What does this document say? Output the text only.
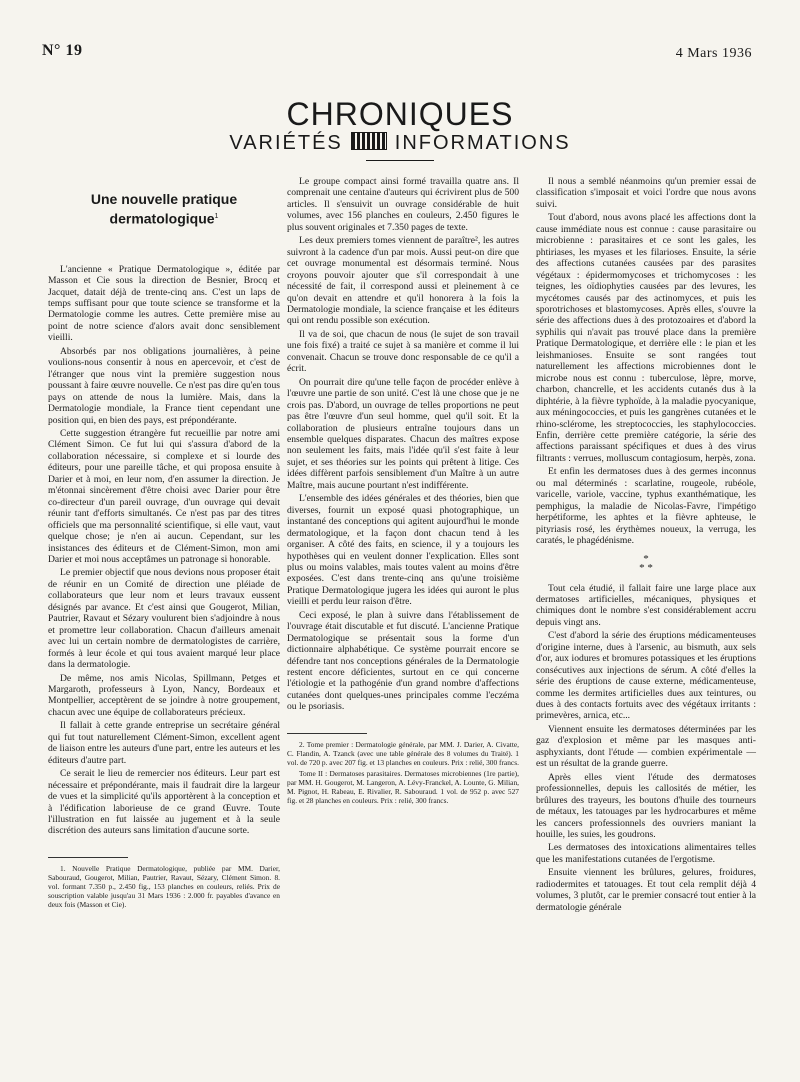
N° 19	4 Mars 1936
CHRONIQUES
VARIÉTÉS	INFORMATIONS
Une nouvelle pratique dermatologique$^1$

L'ancienne « Pratique Dermatologique », éditée par Masson et Cie sous la direction de Besnier, Brocq et Jacquet, datait déjà de trente-cinq ans. C'est un laps de temps suffisant pour que toute science se transforme et la Dermatologie comme les autres. Cette première mise au point de notre science d'alors avait donc sensiblement vieilli.

Absorbés par nos obligations journalières, à peine voulions-nous consentir à nous en apercevoir, et c'est de l'étranger que nous vint la première suggestion nous poussant à faire œuvre nouvelle. Ce n'est pas dire qu'en tous pays on attende de nous la lumière. Mais, dans la Dermatologie mondiale, la France tient cependant une position qui, en bien des pays, est prépondérante.

Cette suggestion étrangère fut recueillie par notre ami Clément Simon. Ce fut lui qui s'assura d'abord de la collaboration nécessaire, si complexe et si lourde des éditeurs, pour une pareille tâche, et qui proposa ensuite à Darier et à moi, en leur nom, d'en assumer la direction. Je m'étonnai sincèrement d'être choisi avec Darier pour être co-directeur d'un pareil ouvrage, d'un ouvrage qui devait réunir tant d'efforts simultanés. Ce n'est pas par des titres officiels que ma personnalité scientifique, si elle vaut, vaut quelque chose; je n'en ai aucun. Cependant, sur les insistances des éditeurs et de Clément-Simon, mon ami Darier et moi nous acceptâmes un patronage si honorable.

Le premier objectif que nous devions nous proposer était de réunir en un Comité de direction une pléiade de collaborateurs que leur nom et leurs travaux eussent désignés par avance. Et c'est ainsi que Gougerot, Milian, Pautrier, Ravaut et Sézary voulurent bien s'adjoindre à nous et promettre leur collaboration. Chacun d'ailleurs amenait avec lui un certain nombre de dermatologistes de carrière, formés à leur école et qui tous avaient marqué leur place dans la dermatologie.

De même, nos amis Nicolas, Spillmann, Petges et Margaroth, professeurs à Lyon, Nancy, Bordeaux et Montpellier, acceptèrent de se joindre à notre groupement, chacun avec une équipe de collaborateurs précieux.

Il fallait à cette grande entreprise un secrétaire général qui fut tout naturellement Clément-Simon, excellent agent de liaison entre les auteurs d'une part, entre les auteurs et les éditeurs d'autre part.

Ce serait le lieu de remercier nos éditeurs. Leur part est nécessaire et prépondérante, mais il faudrait dire la largeur de vues et la simplicité qu'ils apportèrent à la conception et à l'édification laborieuse de ce grand Œuvre. Toute l'illustration en fut laissée au jugement et à la seule discrétion des auteurs sans limitation d'aucune sorte.

1. Nouvelle Pratique Dermatologique, publiée par MM. Darier, Sabouraud, Gougerot, Milian, Pautrier, Ravaut, Sézary, Clément Simon. 8. vol. formant 7.350 p., 2.450 fig., 153 planches en couleurs, reliés. Prix de souscription valable jusqu'au 31 Mars 1936 : 2.000 fr. payables d'avance en deux fois (Masson et Cie).

Le groupe compact ainsi formé travailla quatre ans. Il comprenait une centaine d'auteurs qui écrivirent plus de 500 articles. Il s'ensuivit un ouvrage considérable de huit volumes, avec 156 planches en couleurs, 2.450 figures le plus souvent originales et 7.350 pages de texte.

Les deux premiers tomes viennent de paraître², les autres suivront à la cadence d'un par mois. Aussi peut-on dire que cet ouvrage monumental est désormais terminé. Nous croyons pouvoir ajouter que s'il correspondait à une nécessité de fait, il correspond aussi et pleinement à ce qu'on devait en attendre et qu'il honorera à la fois la Dermatologie mondiale, la science française et les éditeurs qui ont rendu possible son exécution.

Il va de soi, que chacun de nous (le sujet de son travail une fois fixé) a traité ce sujet à sa manière et comme il lui convenait. Chacun se trouve donc responsable de ce qu'il a écrit.

On pourrait dire qu'une telle façon de procéder enlève à l'œuvre une partie de son unité. C'est là une chose que je ne crois pas. D'abord, un ouvrage de telles proportions ne peut pas être l'œuvre d'un seul homme, quel qu'il soit. Et la collaboration de plusieurs entraîne toujours dans un ensemble quelques disparates. Chacun des maîtres expose non seulement les faits, mais l'idée qu'il s'est faite à leur sujet, et ses théories sur les points qui prêtent à litige. Ces idées diffèrent parfois sensiblement d'un Maître à un autre Maître, mais aucune pourtant n'est indifférente.

L'ensemble des idées générales et des théories, bien que diverses, fournit un exposé quasi photographique, un instantané des conceptions qui agitent aujourd'hui le monde dermatologique, et la façon dont chacun tend à les organiser. A côté des faits, en science, il y a toujours les hypothèses qui en veulent donner l'explication. Elles sont plus ou moins valables, mais toutes valent au moins d'être exposées. C'est dans trente-cinq ans qu'une troisième Pratique Dermatologique jugera les idées qui auront le plus vieilli et perdu leur raison d'être.

Ceci exposé, le plan à suivre dans l'établissement de l'ouvrage était discutable et fut discuté. L'ancienne Pratique Dermatologique se présentait sous la forme d'un dictionnaire alphabétique. Ce système pourrait encore se défendre tant nos conceptions générales de la Dermatologie restent encore déficientes, surtout en ce qui concerne l'étiologie et la pathogénie d'un grand nombre d'affections cutanées dont quelques-unes principales comme l'eczéma ou le psoriasis.

2. Tome premier : Dermatologie générale, par MM. J. Darier, A. Civatte, C. Flandin, A. Tzanck (avec une table générale des 8 volumes du Traité). 1 vol. de 720 p. avec 207 fig. et 13 planches en couleurs. Prix : relié, 300 francs.

Tome II : Dermatoses parasitaires. Dermatoses microbiennes (1re partie), par MM. H. Gougerot, M. Langeron, A. Lévy-Franckel, A. Lounte, G. Milian, M. Pignot, H. Rabeau, E. Rivalier, R. Sabouraud. 1 vol. de 952 p. avec 527 fig. et 28 planches en couleurs. Prix : relié, 300 francs.

Il nous a semblé néanmoins qu'un premier essai de classification s'imposait et voici l'ordre que nous avons suivi.

Tout d'abord, nous avons placé les affections dont la cause immédiate nous est connue : cause parasitaire ou microbienne : parasitaires et ce sont les gales, les phtiriases, les myases et les filarioses. Ensuite, la série des affections cutanées causées par des parasites végétaux : épidermomycoses et trichomycoses : les teignes, les oïdiophyties causées par des levures, les mycétomes causés par des actinomyces, et puis les sporotrichoses et blastomycoses. Après elles, s'ouvre la série des affections dues à des protozoaires et d'abord la syphilis qui n'avait pas trouvé place dans la première Pratique Dermatologique, et derrière elle : le pian et les leishmanioses. Ensuite se sont rangées tout naturellement les affections microbiennes dont le microbe nous est connu : tuberculose, lèpre, morve, charbon, chancrelle, et les accidents cutanés dus à la diphtérie, à la fièvre typhoïde, à la maladie pyocyanique, aux méningococcies, et puis les gangrènes cutanées et le rhino-sclérome, les streptococcies, les staphylococcies. Enfin, derrière cette première catégorie, la série des affections paraissant spécifiques et dues à des virus filtrants : verrues, molluscum contagiosum, herpès, zona.

Et enfin les dermatoses dues à des germes inconnus ou mal déterminés : scarlatine, rougeole, rubéole, varicelle, variole, vaccine, typhus exanthématique, les pemphigus, la maladie de Nicolas-Favre, l'impétigo herpétiforme, les aphtes et la fièvre aphteuse, le pityriasis rosé, les érythèmes noueux, la verruga, les caratés, le phagédénisme.

*
* *

Tout cela étudié, il fallait faire une large place aux dermatoses artificielles, mécaniques, physiques et chimiques dont le nombre s'est considérablement accru depuis vingt ans.

C'est d'abord la série des éruptions médicamenteuses d'origine interne, dues à l'arsenic, au bismuth, aux sels d'or, aux iodures et bromures potassiques et les éruptions consécutives aux injections de sérum. A côté d'elles la série des éruptions de cause externe, médicamenteuse, comme les dermites artificielles dues aux teintures, ou dues à des contacts fortuits avec des végétaux irritants : primevères, arnica, etc...

Viennent ensuite les dermatoses déterminées par les gaz d'explosion et même par les masques anti-asphyxiants, dont l'étude — combien expérimentale — est un résultat de la grande guerre.

Après elles vient l'étude des dermatoses professionnelles, depuis les callosités de métier, les brûlures des trayeurs, les boutons d'huile des tourneurs de métaux, les tatouages par les hydrocarbures et même les cancers professionnels des ouvriers maniant la houille, les suies, les goudrons.

Les dermatoses des intoxications alimentaires telles que les manifestations cutanées de l'ergotisme.

Ensuite viennent les brûlures, gelures, froidures, radiodermites et tatouages. Et tout cela remplit déjà 4 volumes, 3 plutôt, car le premier consacré tout entier à la dermatologie générale
